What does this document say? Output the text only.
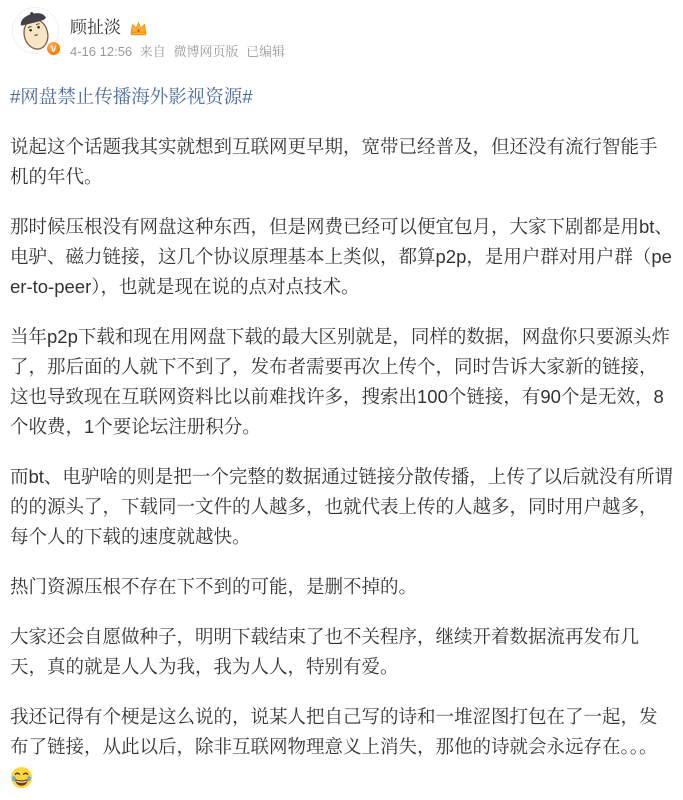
V
顾扯淡
4-16 12:56 来自 微博网页版 已编辑
#网盘禁止传播海外影视资源#

说起这个话题我其实就想到互联网更早期，宽带已经普及，但还没有流行智能手机的年代。

那时候压根没有网盘这种东西，但是网费已经可以便宜包月，大家下剧都是用bt、电驴、磁力链接，这几个协议原理基本上类似，都算p2p，是用户群对用户群（peer-to-peer），也就是现在说的点对点技术。

当年p2p下载和现在用网盘下载的最大区别就是，同样的数据，网盘你只要源头炸了，那后面的人就下不到了，发布者需要再次上传个，同时告诉大家新的链接，这也导致现在互联网资料比以前难找许多，搜索出100个链接，有90个是无效，8个收费，1个要论坛注册积分。

而bt、电驴啥的则是把一个完整的数据通过链接分散传播，上传了以后就没有所谓的的源头了，下载同一文件的人越多，也就代表上传的人越多，同时用户越多，每个人的下载的速度就越快。

热门资源压根不存在下不到的可能，是删不掉的。

大家还会自愿做种子，明明下载结束了也不关程序，继续开着数据流再发布几天，真的就是人人为我，我为人人，特别有爱。

我还记得有个梗是这么说的，说某人把自己写的诗和一堆涩图打包在了一起，发布了链接，从此以后，除非互联网物理意义上消失，那他的诗就会永远存在。。。
